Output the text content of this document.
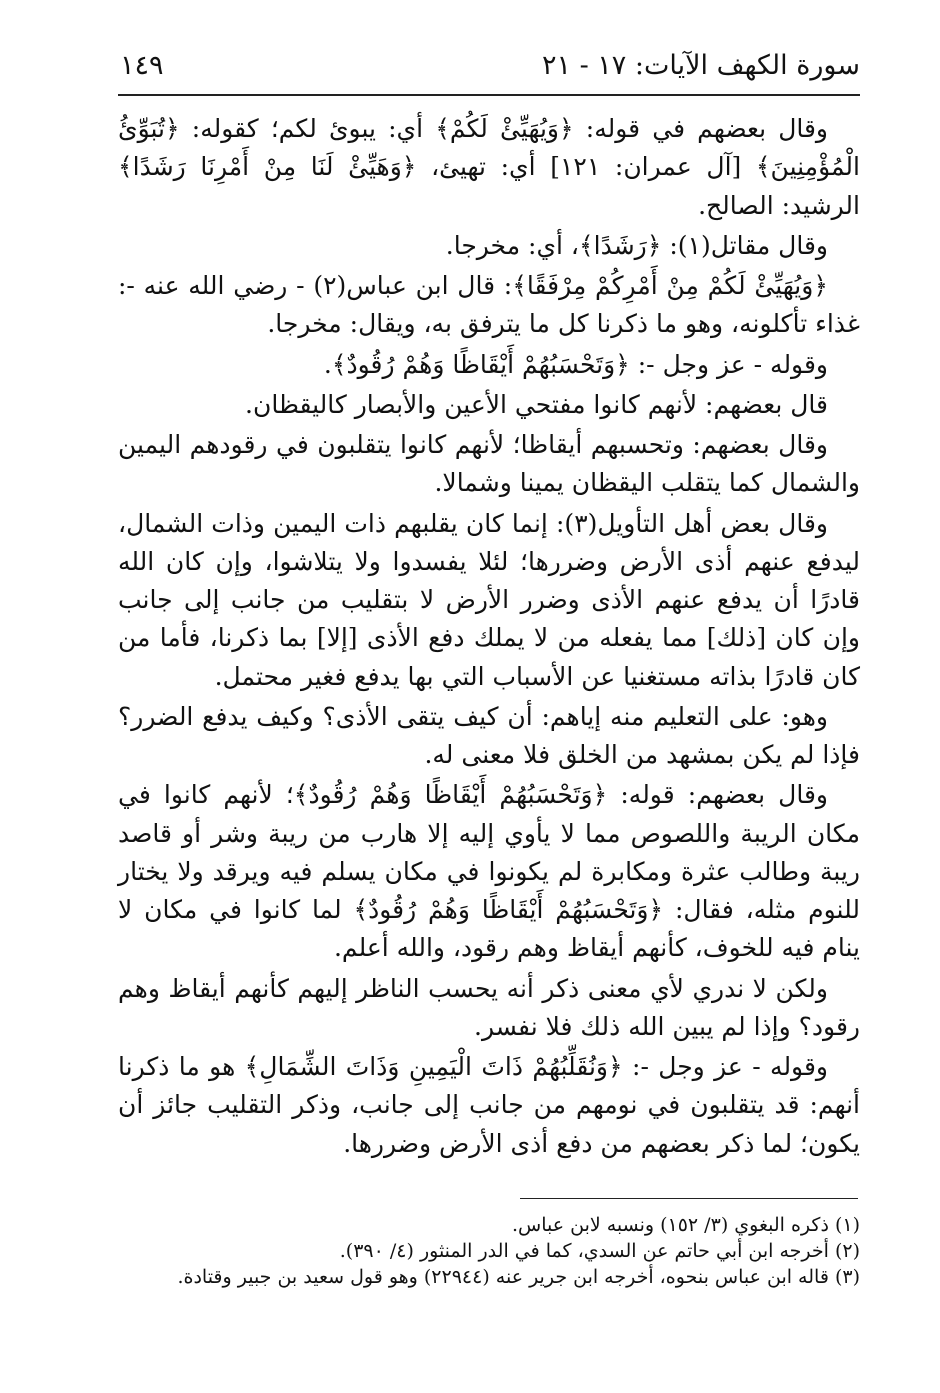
سورة الكهف الآيات: ١٧ - ٢١
١٤٩

وقال بعضهم في قوله: ﴿وَيُهَيِّئْ لَكُمْ﴾ أي: يبوئ لكم؛ كقوله: ﴿تُبَوِّئُ الْمُؤْمِنِينَ﴾ [آل عمران: ١٢١] أي: تهيئ، ﴿وَهَيِّئْ لَنَا مِنْ أَمْرِنَا رَشَدًا﴾ الرشيد: الصالح.

وقال مقاتل(١): ﴿رَشَدًا﴾، أي: مخرجا.

﴿وَيُهَيِّئْ لَكُمْ مِنْ أَمْرِكُمْ مِرْفَقًا﴾: قال ابن عباس(٢) - رضي الله عنه -: غذاء تأكلونه، وهو ما ذكرنا كل ما يترفق به، ويقال: مخرجا.

وقوله - عز وجل -: ﴿وَتَحْسَبُهُمْ أَيْقَاظًا وَهُمْ رُقُودٌ﴾.

قال بعضهم: لأنهم كانوا مفتحي الأعين والأبصار كاليقظان.

وقال بعضهم: وتحسبهم أيقاظا؛ لأنهم كانوا يتقلبون في رقودهم اليمين والشمال كما يتقلب اليقظان يمينا وشمالا.

وقال بعض أهل التأويل(٣): إنما كان يقلبهم ذات اليمين وذات الشمال، ليدفع عنهم أذى الأرض وضررها؛ لئلا يفسدوا ولا يتلاشوا، وإن كان الله قادرًا أن يدفع عنهم الأذى وضرر الأرض لا بتقليب من جانب إلى جانب وإن كان [ذلك] مما يفعله من لا يملك دفع الأذى [إلا] بما ذكرنا، فأما من كان قادرًا بذاته مستغنيا عن الأسباب التي بها يدفع فغير محتمل.

وهو: على التعليم منه إياهم: أن كيف يتقى الأذى؟ وكيف يدفع الضرر؟ فإذا لم يكن بمشهد من الخلق فلا معنى له.

وقال بعضهم: قوله: ﴿وَتَحْسَبُهُمْ أَيْقَاظًا وَهُمْ رُقُودٌ﴾؛ لأنهم كانوا في مكان الريبة واللصوص مما لا يأوي إليه إلا هارب من ريبة وشر أو قاصد ريبة وطالب عثرة ومكابرة لم يكونوا في مكان يسلم فيه ويرقد ولا يختار للنوم مثله، فقال: ﴿وَتَحْسَبُهُمْ أَيْقَاظًا وَهُمْ رُقُودٌ﴾ لما كانوا في مكان لا ينام فيه للخوف، كأنهم أيقاظ وهم رقود، والله أعلم.

ولكن لا ندري لأي معنى ذكر أنه يحسب الناظر إليهم كأنهم أيقاظ وهم رقود؟ وإذا لم يبين الله ذلك فلا نفسر.

وقوله - عز وجل -: ﴿وَنُقَلِّبُهُمْ ذَاتَ الْيَمِينِ وَذَاتَ الشِّمَالِ﴾ هو ما ذكرنا أنهم: قد يتقلبون في نومهم من جانب إلى جانب، وذكر التقليب جائز أن يكون؛ لما ذكر بعضهم من دفع أذى الأرض وضررها.

(١) ذكره البغوي (٣/ ١٥٢) ونسبه لابن عباس.

(٢) أخرجه ابن أبي حاتم عن السدي، كما في الدر المنثور (٤/ ٣٩٠).

(٣) قاله ابن عباس بنحوه، أخرجه ابن جرير عنه (٢٢٩٤٤) وهو قول سعيد بن جبير وقتادة.
